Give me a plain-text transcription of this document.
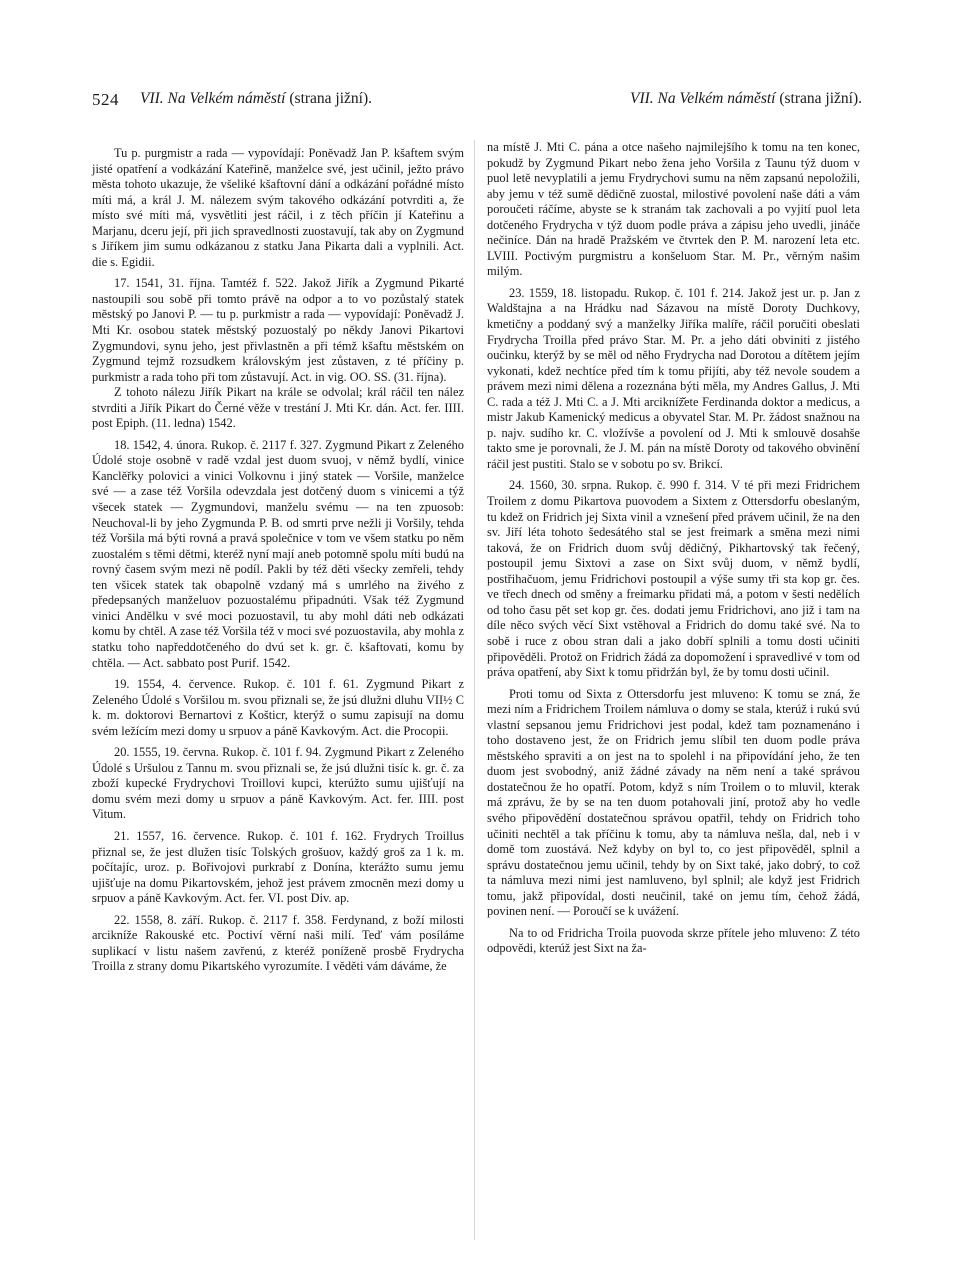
524 VII. Na Velkém náměstí (strana jižní).	VII. Na Velkém náměstí (strana jižní).

Tu p. purgmistr a rada — vypovídají: Poněvadž Jan P. kšaftem svým jisté opatření a vodkázání Kateřině, manželce své, jest učinil, ježto právo města tohoto ukazuje, že všeliké kšaftovní dání a odkázání pořádné místo míti má, a král J. M. nálezem svým takového odkázání potvrditi a, že místo své míti má, vysvětliti jest ráčil, i z těch příčin jí Kateřinu a Marjanu, dceru její, při jich spravedlnosti zuostavují, tak aby on Zygmund s Jiříkem jim sumu odkázanou z statku Jana Pikarta dali a vyplnili. Act. die s. Egidii.

17. 1541, 31. října. Tamtéž f. 522. Jakož Jiřík a Zygmund Pikarté nastoupili sou sobě při tomto právě na odpor a to vo pozůstalý statek městský po Janovi P. — tu p. purkmistr a rada — vypovídají: Poněvadž J. Mti Kr. osobou statek městský pozuostalý po někdy Janovi Pikartovi Zygmundovi, synu jeho, jest přivlastněn a při témž kšaftu městském on Zygmund tejmž rozsudkem královským jest zůstaven, z té příčiny p. purkmistr a rada toho při tom zůstavují. Act. in vig. OO. SS. (31. října).

Z tohoto nálezu Jiřík Pikart na krále se odvolal; král ráčil ten nález stvrditi a Jiřík Pikart do Černé věže v trestání J. Mti Kr. dán. Act. fer. IIII. post Epiph. (11. ledna) 1542.

18. 1542, 4. února. Rukop. č. 2117 f. 327. Zygmund Pikart z Zeleného Údolé stoje osobně v radě vzdal jest duom svuoj, v němž bydlí, vinice Kanclěřky polovici a vinici Volkovnu i jiný statek — Voršile, manželce své — a zase též Voršila odevzdala jest dotčený duom s vinicemi a týž všecek statek — Zygmundovi, manželu svému — na ten zpuosob: Neuchoval-li by jeho Zygmunda P. B. od smrti prve nežli ji Voršily, tehda též Voršila má býti rovná a pravá společnice v tom ve všem statku po něm zuostalém s těmi dětmi, kteréž nyní mají aneb potomně spolu míti budú na rovný časem svým mezi ně podíl. Pakli by též děti všecky zemřeli, tehdy ten všicek statek tak obapolně vzdaný má s umrlého na živého z předepsaných manželuov pozuostalému připadnúti. Však též Zygmund vinici Andělku v své moci pozuostavil, tu aby mohl dáti neb odkázati komu by chtěl. A zase též Voršila též v moci své pozuostavila, aby mohla z statku toho napředdotčeného do dvú set k. gr. č. kšaftovati, komu by chtěla. — Act. sabbato post Purif. 1542.

19. 1554, 4. července. Rukop. č. 101 f. 61. Zygmund Pikart z Zeleného Údolé s Voršilou m. svou přiznali se, že jsú dlužni dluhu VII½ C k. m. doktorovi Bernartovi z Košticr, kterýž o sumu zapisují na domu svém ležícím mezi domy u srpuov a páně Kavkovým. Act. die Procopii.

20. 1555, 19. června. Rukop. č. 101 f. 94. Zygmund Pikart z Zeleného Údolé s Uršulou z Tannu m. svou přiznali se, že jsú dlužni tisíc k. gr. č. za zboží kupecké Frydrychovi Troillovi kupci, kterúžto sumu ujišťují na domu svém mezi domy u srpuov a páně Kavkovým. Act. fer. IIII. post Vitum.

21. 1557, 16. července. Rukop. č. 101 f. 162. Frydrych Troillus přiznal se, že jest dlužen tisíc Tolských grošuov, každý groš za 1 k. m. počítajíc, uroz. p. Bořivojovi purkrabí z Donína, kterážto sumu jemu ujišťuje na domu Pikartovském, jehož jest právem zmocněn mezi domy u srpuov a páně Kavkovým. Act. fer. VI. post Div. ap.

22. 1558, 8. září. Rukop. č. 2117 f. 358. Ferdynand, z boží milosti arcikníže Rakouské etc. Poctiví věrní naši milí. Teď vám posíláme suplikací v listu našem zavřenú, z kteréž poníženě prosbě Frydrycha Troilla z strany domu Pikartského vyrozumíte. I věděti vám dáváme, že

na místě J. Mti C. pána a otce našeho najmilejšího k tomu na ten konec, pokudž by Zygmund Pikart nebo žena jeho Voršila z Taunu týž duom v puol letě nevyplatili a jemu Frydrychovi sumu na něm zapsanú nepoložili, aby jemu v též sumě dědičně zuostal, milostivé povolení naše dáti a vám poroučeti ráčíme, abyste se k stranám tak zachovali a po vyjití puol leta dotčeného Frydrycha v týž duom podle práva a zápisu jeho uvedli, jináče nečiníce. Dán na hradě Pražském ve čtvrtek den P. M. narození leta etc. LVIII. Poctivým purgmistru a konšeluom Star. M. Pr., věrným našim milým.

23. 1559, 18. listopadu. Rukop. č. 101 f. 214. Jakož jest ur. p. Jan z Waldštajna a na Hrádku nad Sázavou na místě Doroty Duchkovy, kmetičny a poddaný svý a manželky Jiříka malíře, ráčil poručiti obeslati Frydrycha Troilla před právo Star. M. Pr. a jeho dáti obviniti z jistého oučinku, kterýž by se měl od něho Frydrycha nad Dorotou a dítětem jejím vykonati, kdež nechtíce před tím k tomu přijíti, aby též nevole soudem a právem mezi nimi dělena a rozeznána býti měla, my Andres Gallus, J. Mti C. rada a též J. Mti C. a J. Mti arcikníž̌ete Ferdinanda doktor a medicus, a mistr Jakub Kamenický medicus a obyvatel Star. M. Pr. žádost snažnou na p. najv. sudího kr. C. vložívše a povolení od J. Mti k smlouvě dosahše takto sme je porovnali, že J. M. pán na místě Doroty od takového obvinění ráčil jest pustiti. Stalo se v sobotu po sv. Brikcí.

24. 1560, 30. srpna. Rukop. č. 990 f. 314. V té při mezi Fridrichem Troilem z domu Pikartova puovodem a Sixtem z Ottersdorfu obeslaným, tu kdež on Fridrich jej Sixta vinil a vznešení před právem učinil, že na den sv. Jiří léta tohoto šedesátého stal se jest freimark a směna mezi nimi taková, že on Fridrich duom svůj dědičný, Pikhartovský tak řečený, postoupil jemu Sixtovi a zase on Sixt svůj duom, v němž bydlí, postřihačuom, jemu Fridrichovi postoupil a výše sumy tři sta kop gr. čes. ve třech dnech od směny a freimarku přidati má, a potom v šesti nedělích od toho času pět set kop gr. čes. dodati jemu Fridrichovi, ano již i tam na díle něco svých věcí Sixt vstěhoval a Fridrich do domu také své. Na to sobě i ruce z obou stran dali a jako dobří splnili a tomu dosti učiniti připověděli. Protož on Fridrich žádá za dopomožení i spravedlivé v tom od práva opatření, aby Sixt k tomu přidržán byl, že by tomu dosti učinil.

Proti tomu od Sixta z Ottersdorfu jest mluveno: K tomu se zná, že mezi ním a Fridrichem Troilem námluva o domy se stala, kterúž i rukú svú vlastní sepsanou jemu Fridrichovi jest podal, kdež tam poznamenáno i toho dostaveno jest, že on Fridrich jemu slíbil ten duom podle práva městského spraviti a on jest na to spolehl i na připovídání jeho, že ten duom jest svobodný, aniž žádné závady na něm není a také správou dostatečnou že ho opatří. Potom, když s ním Troilem o to mluvil, kterak má zprávu, že by se na ten duom potahovali jiní, protož aby ho vedle svého připovědění dostatečnou správou opatřil, tehdy on Fridrich toho učiniti nechtěl a tak příčinu k tomu, aby ta námluva nešla, dal, neb i v domě tom zuostává. Než kdyby on byl to, co jest připověděl, splnil a správu dostatečnou jemu učinil, tehdy by on Sixt také, jako dobrý, to což ta námluva mezi nimi jest namluveno, byl splnil; ale když jest Fridrich tomu, jakž připovídal, dosti neučinil, také on jemu tím, čehož žádá, povinen není. — Poroučí se k uvážení.

Na to od Fridricha Troila puovoda skrze přítele jeho mluveno: Z této odpovědi, kterúž jest Sixt na ža-
